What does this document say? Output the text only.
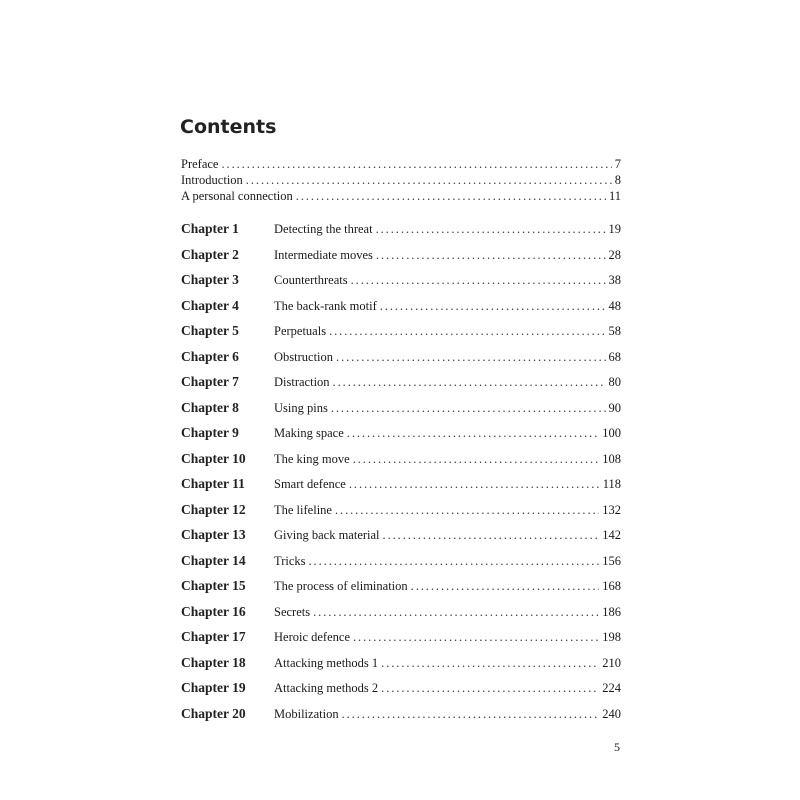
Contents
Preface . . .	7
Introduction . . .	8
A personal connection . . .	11
Chapter 1	Detecting the threat . . .	19
Chapter 2	Intermediate moves . . .	28
Chapter 3	Counterthreats . . .	38
Chapter 4	The back-rank motif . . .	48
Chapter 5	Perpetuals . . .	58
Chapter 6	Obstruction . . .	68
Chapter 7	Distraction . . .	80
Chapter 8	Using pins . . .	90
Chapter 9	Making space . . .	100
Chapter 10	The king move . . .	108
Chapter 11	Smart defence . . .	118
Chapter 12	The lifeline . . .	132
Chapter 13	Giving back material . . .	142
Chapter 14	Tricks . . .	156
Chapter 15	The process of elimination . . .	168
Chapter 16	Secrets . . .	186
Chapter 17	Heroic defence . . .	198
Chapter 18	Attacking methods 1 . . .	210
Chapter 19	Attacking methods 2 . . .	224
Chapter 20	Mobilization . . .	240
5
